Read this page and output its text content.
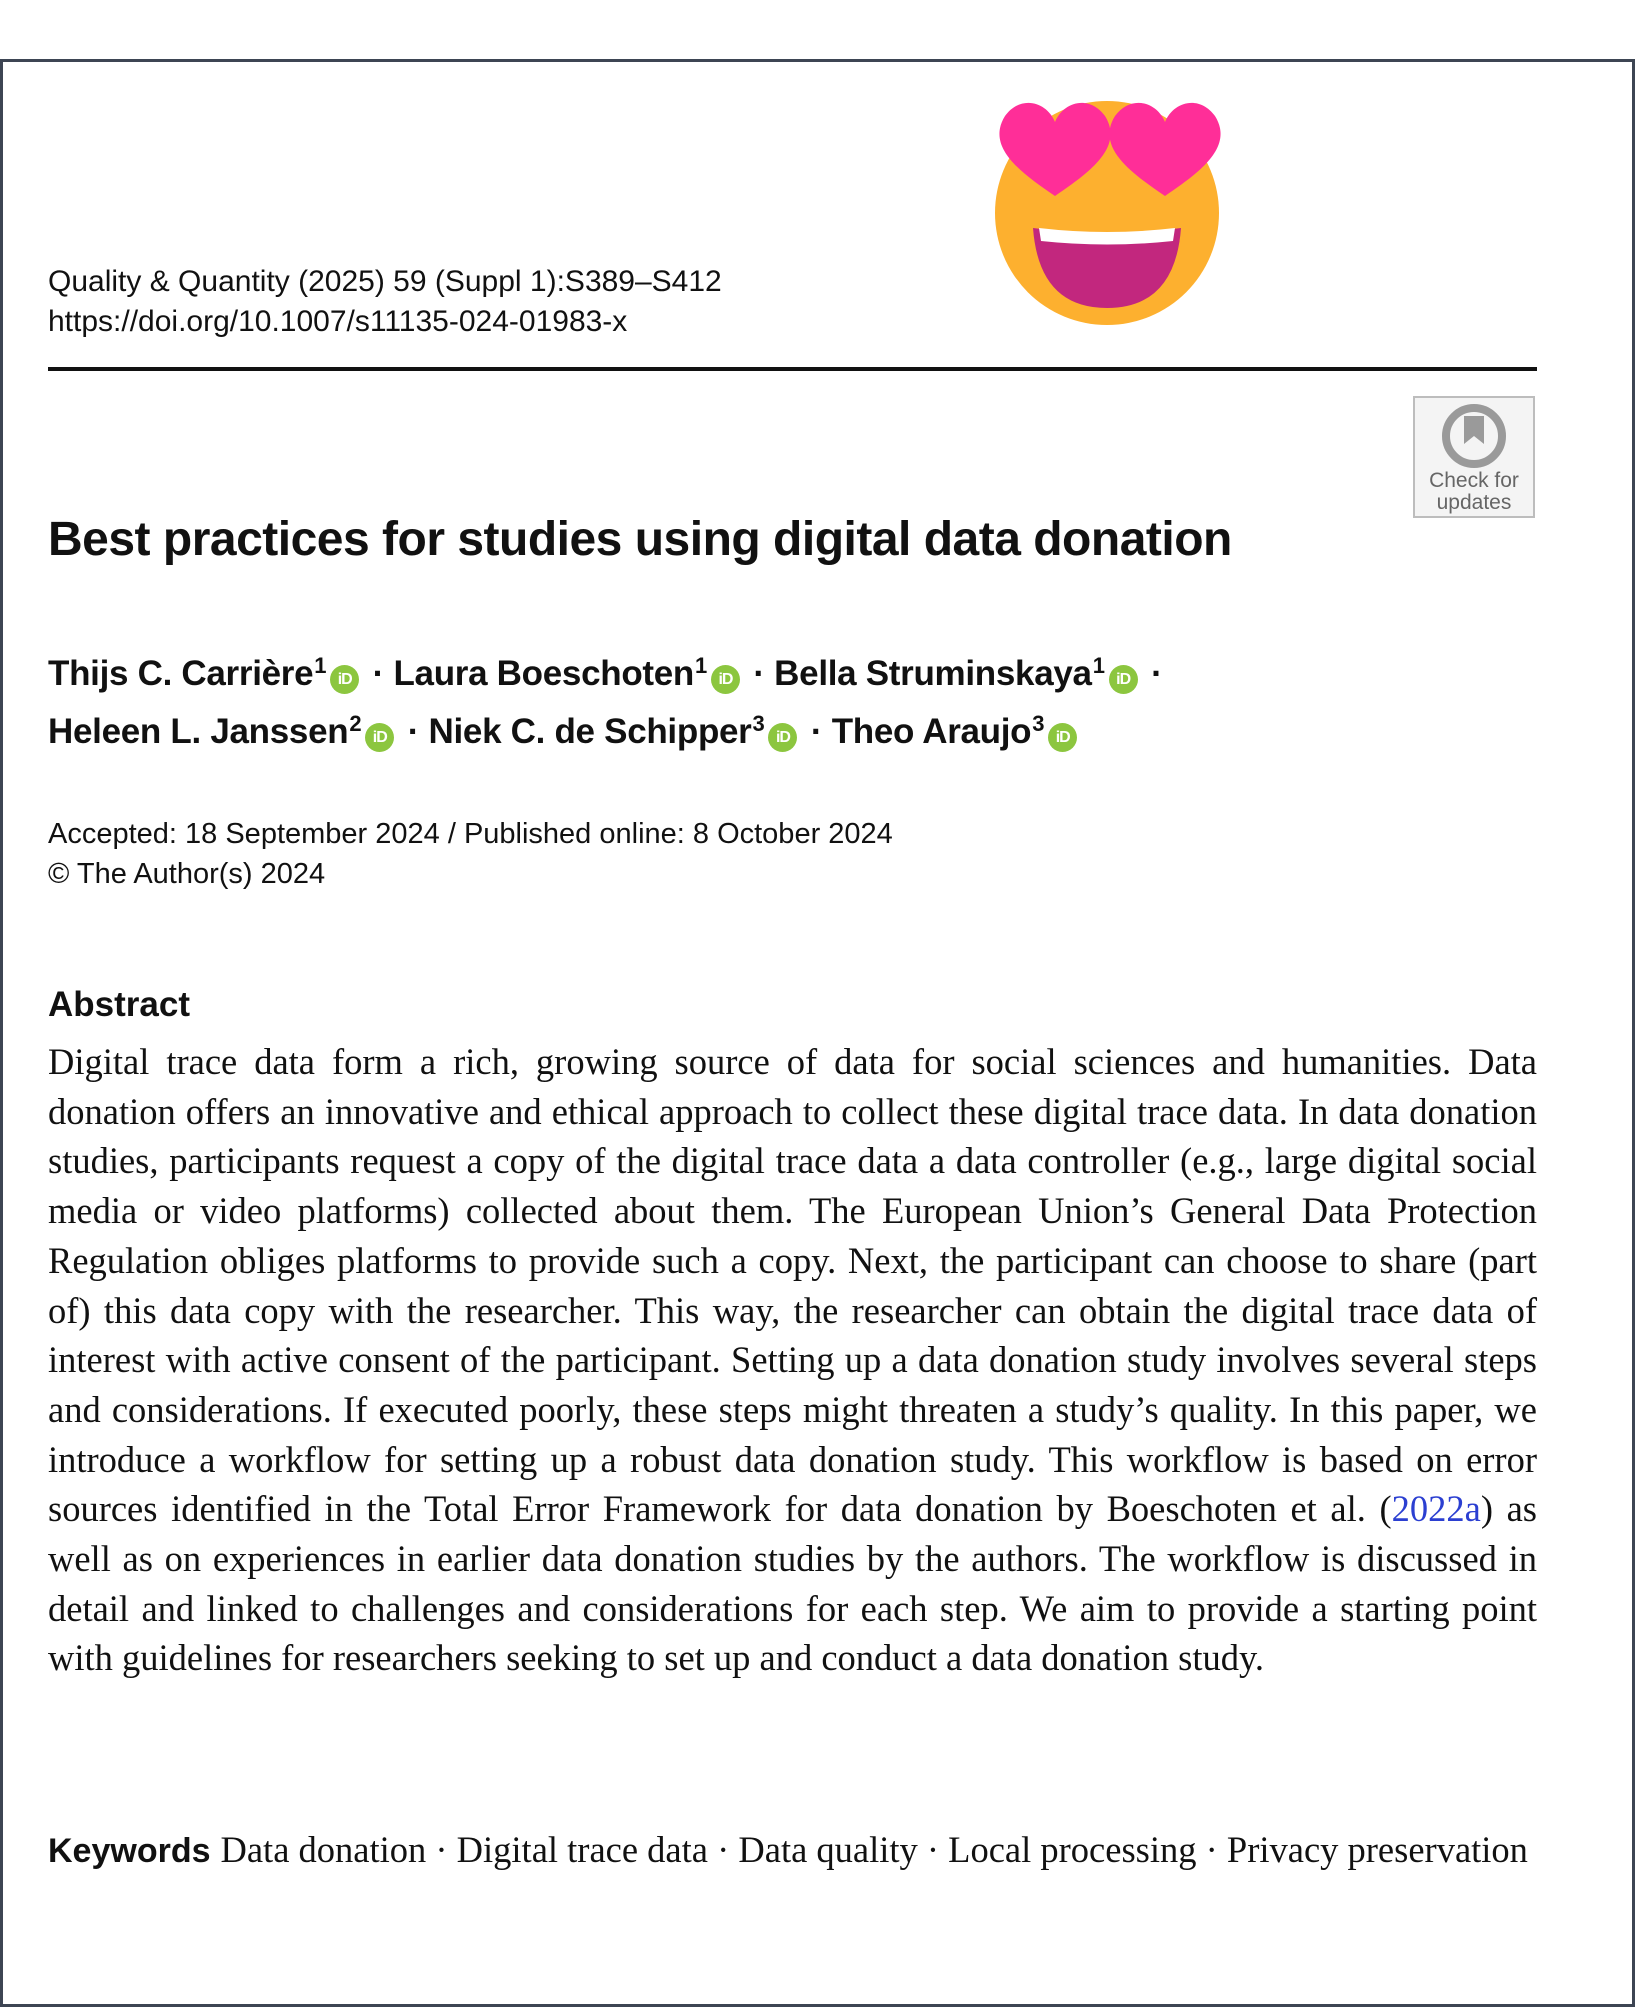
Quality & Quantity (2025) 59 (Suppl 1):S389–S412
https://doi.org/10.1007/s11135-024-01983-x
Check for
updates
Best practices for studies using digital data donation
Thijs C. Carrière$^1$iD · Laura Boeschoten$^1$iD · Bella Struminskaya$^1$iD ·
Heleen L. Janssen$^2$iD · Niek C. de Schipper$^3$iD · Theo Araujo$^3$iD
Accepted: 18 September 2024 / Published online: 8 October 2024
© The Author(s) 2024
Abstract
Digital trace data form a rich, growing source of data for social sciences and humanities. Data donation offers an innovative and ethical approach to collect these digital trace data. In data donation studies, participants request a copy of the digital trace data a data controller (e.g., large digital social media or video platforms) collected about them. The European Union’s General Data Protection Regulation obliges platforms to provide such a copy. Next, the participant can choose to share (part of) this data copy with the researcher. This way, the researcher can obtain the digital trace data of interest with active consent of the participant. Setting up a data donation study involves several steps and considerations. If executed poorly, these steps might threaten a study’s quality. In this paper, we introduce a workflow for setting up a robust data donation study. This workflow is based on error sources identified in the Total Error Framework for data donation by Boeschoten et al. (2022a) as well as on experiences in earlier data donation studies by the authors. The workflow is discussed in detail and linked to challenges and considerations for each step. We aim to provide a starting point with guidelines for researchers seeking to set up and conduct a data donation study.
Keywords Data donation · Digital trace data · Data quality · Local processing · Privacy preservation
